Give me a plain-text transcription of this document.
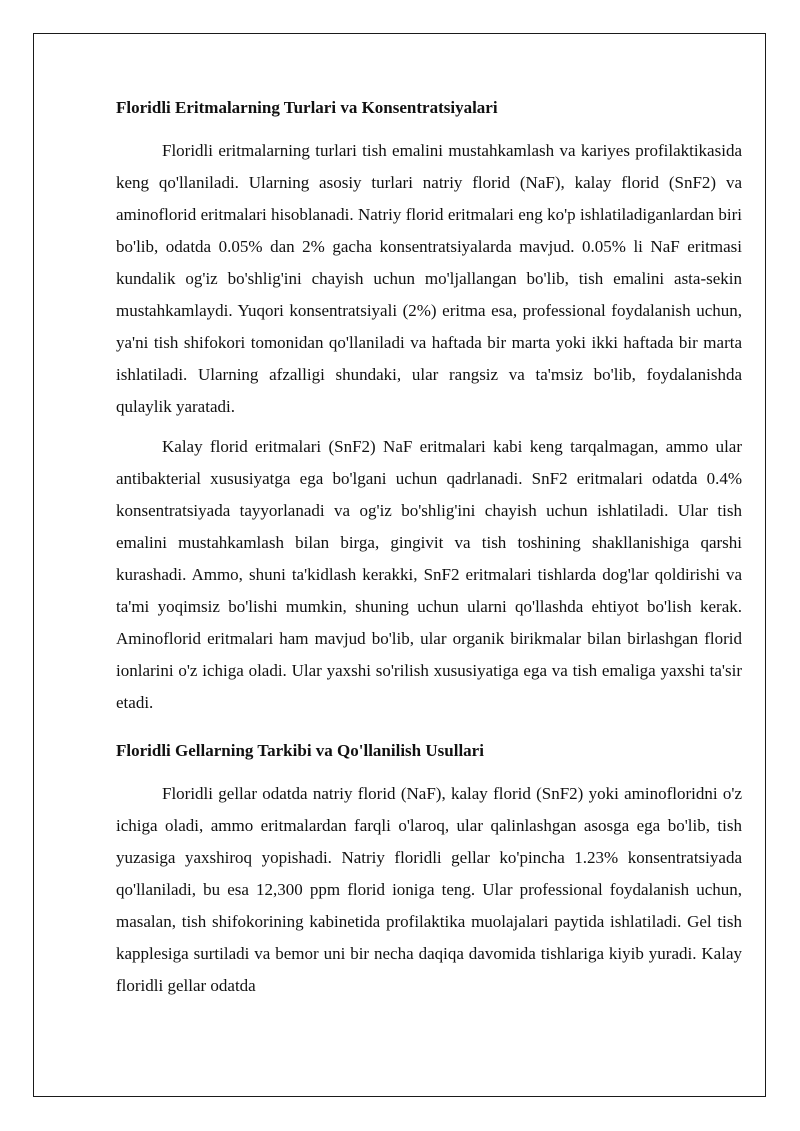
Floridli Eritmalarning Turlari va Konsentratsiyalari

Floridli eritmalarning turlari tish emalini mustahkamlash va kariyes profilaktikasida keng qo'llaniladi. Ularning asosiy turlari natriy florid (NaF), kalay florid (SnF2) va aminoflorid eritmalari hisoblanadi. Natriy florid eritmalari eng ko'p ishlatiladiganlardan biri bo'lib, odatda 0.05% dan 2% gacha konsentratsiyalarda mavjud. 0.05% li NaF eritmasi kundalik og'iz bo'shlig'ini chayish uchun mo'ljallangan bo'lib, tish emalini asta-sekin mustahkamlaydi. Yuqori konsentratsiyali (2%) eritma esa, professional foydalanish uchun, ya'ni tish shifokori tomonidan qo'llaniladi va haftada bir marta yoki ikki haftada bir marta ishlatiladi. Ularning afzalligi shundaki, ular rangsiz va ta'msiz bo'lib, foydalanishda qulaylik yaratadi.

Kalay florid eritmalari (SnF2) NaF eritmalari kabi keng tarqalmagan, ammo ular antibakterial xususiyatga ega bo'lgani uchun qadrlanadi. SnF2 eritmalari odatda 0.4% konsentratsiyada tayyorlanadi va og'iz bo'shlig'ini chayish uchun ishlatiladi. Ular tish emalini mustahkamlash bilan birga, gingivit va tish toshining shakllanishiga qarshi kurashadi. Ammo, shuni ta'kidlash kerakki, SnF2 eritmalari tishlarda dog'lar qoldirishi va ta'mi yoqimsiz bo'lishi mumkin, shuning uchun ularni qo'llashda ehtiyot bo'lish kerak. Aminoflorid eritmalari ham mavjud bo'lib, ular organik birikmalar bilan birlashgan florid ionlarini o'z ichiga oladi. Ular yaxshi so'rilish xususiyatiga ega va tish emaliga yaxshi ta'sir etadi.

Floridli Gellarning Tarkibi va Qo'llanilish Usullari

Floridli gellar odatda natriy florid (NaF), kalay florid (SnF2) yoki aminofloridni o'z ichiga oladi, ammo eritmalardan farqli o'laroq, ular qalinlashgan asosga ega bo'lib, tish yuzasiga yaxshiroq yopishadi. Natriy floridli gellar ko'pincha 1.23% konsentratsiyada qo'llaniladi, bu esa 12,300 ppm florid ioniga teng. Ular professional foydalanish uchun, masalan, tish shifokorining kabinetida profilaktika muolajalari paytida ishlatiladi. Gel tish kapplesiga surtiladi va bemor uni bir necha daqiqa davomida tishlariga kiyib yuradi. Kalay floridli gellar odatda
